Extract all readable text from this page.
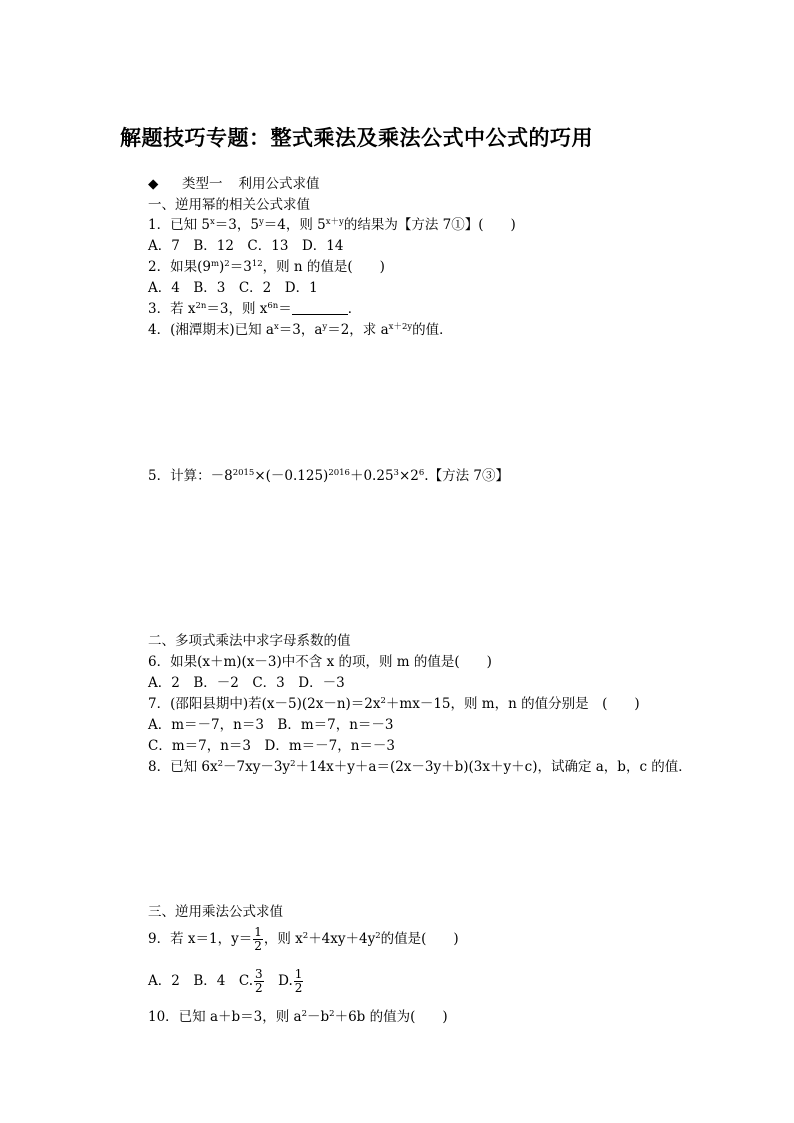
解题技巧专题：整式乘法及乘法公式中公式的巧用
◆ 类型一 利用公式求值
一、逆用幂的相关公式求值
1．已知 $5^x=3$，$5^y=4$，则 $5^{x+y}$的结果为【方法 7①】(　　)
A．7　B．12　C．13　D．14
2．如果$(9^m)^2=3^{12}$，则 n 的值是(　　)
A．4　B．3　C．2　D．1
3．若 $x^{2n}=3$，则 $x^{6n}=$	．
4．(湘潭期末)已知 $a^x=3$，$a^y=2$，求 $a^{x+2y}$的值．
5．计算：$-8^{2015}\times(-0.125)^{2016}+0.25^3\times 2^6$.【方法 7③】
二、多项式乘法中求字母系数的值
6．如果(x＋m)(x－3)中不含 x 的项，则 m 的值是(　　)
A．2　B．－2　C．3　D．－3
7．(邵阳县期中)若$(x-5)(2x-n)=2x^2+mx-15$，则 m，n 的值分别是　(　　)
A．m＝－7，n＝3　B．m＝7，n＝－3
C．m＝7，n＝3　D．m＝－7，n＝－3
8．已知 $6x^2-7xy-3y^2+14x+y+a=(2x-3y+b)(3x+y+c)$，试确定 a，b，c 的值．
三、逆用乘法公式求值
9．若 x＝1，$y= \frac{1}{2}$ ，则 $x^2+4xy+4y^2$的值是(　　)
A．2　B．4　C. $\frac{3}{2}$ 　D. $\frac{1}{2}$
10．已知 a＋b＝3，则 $a^2-b^2+6b$ 的值为(　　)
